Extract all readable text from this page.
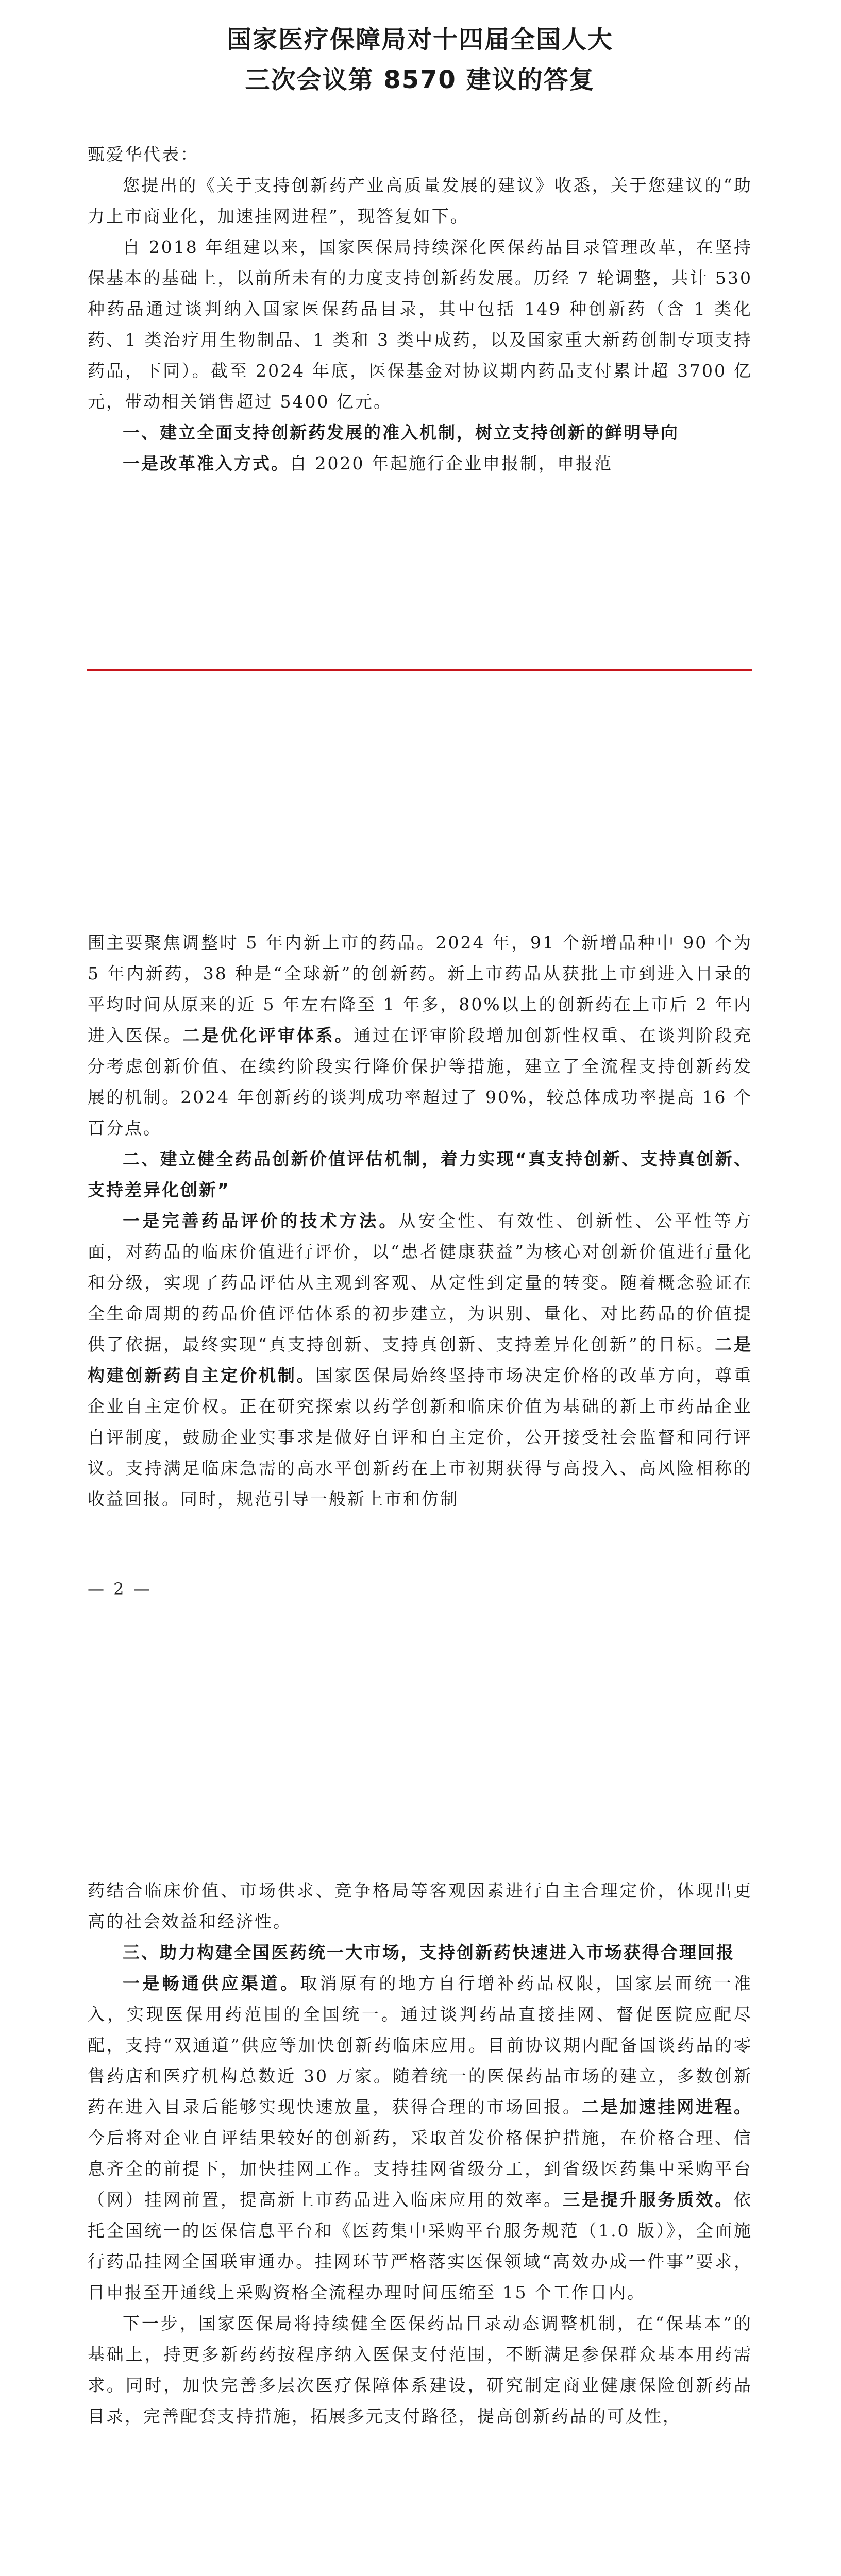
国家医疗保障局对十四届全国人大
三次会议第 8570 建议的答复

甄爱华代表：

您提出的《关于支持创新药产业高质量发展的建议》收悉，关于您建议的“助力上市商业化，加速挂网进程”，现答复如下。

自 2018 年组建以来，国家医保局持续深化医保药品目录管理改革，在坚持保基本的基础上，以前所未有的力度支持创新药发展。历经 7 轮调整，共计 530 种药品通过谈判纳入国家医保药品目录，其中包括 149 种创新药（含 1 类化药、1 类治疗用生物制品、1 类和 3 类中成药，以及国家重大新药创制专项支持药品，下同）。截至 2024 年底，医保基金对协议期内药品支付累计超 3700 亿元，带动相关销售超过 5400 亿元。

一、建立全面支持创新药发展的准入机制，树立支持创新的鲜明导向

一是改革准入方式。自 2020 年起施行企业申报制，申报范

围主要聚焦调整时 5 年内新上市的药品。2024 年，91 个新增品种中 90 个为 5 年内新药，38 种是“全球新”的创新药。新上市药品从获批上市到进入目录的平均时间从原来的近 5 年左右降至 1 年多，80%以上的创新药在上市后 2 年内进入医保。二是优化评审体系。通过在评审阶段增加创新性权重、在谈判阶段充分考虑创新价值、在续约阶段实行降价保护等措施，建立了全流程支持创新药发展的机制。2024 年创新药的谈判成功率超过了 90%，较总体成功率提高 16 个百分点。

二、建立健全药品创新价值评估机制，着力实现“真支持创新、支持真创新、支持差异化创新”

一是完善药品评价的技术方法。从安全性、有效性、创新性、公平性等方面，对药品的临床价值进行评价，以“患者健康获益”为核心对创新价值进行量化和分级，实现了药品评估从主观到客观、从定性到定量的转变。随着概念验证在全生命周期的药品价值评估体系的初步建立，为识别、量化、对比药品的价值提供了依据，最终实现“真支持创新、支持真创新、支持差异化创新”的目标。二是构建创新药自主定价机制。国家医保局始终坚持市场决定价格的改革方向，尊重企业自主定价权。正在研究探索以药学创新和临床价值为基础的新上市药品企业自评制度，鼓励企业实事求是做好自评和自主定价，公开接受社会监督和同行评议。支持满足临床急需的高水平创新药在上市初期获得与高投入、高风险相称的收益回报。同时，规范引导一般新上市和仿制

— 2 —

药结合临床价值、市场供求、竞争格局等客观因素进行自主合理定价，体现出更高的社会效益和经济性。

三、助力构建全国医药统一大市场，支持创新药快速进入市场获得合理回报

一是畅通供应渠道。取消原有的地方自行增补药品权限，国家层面统一准入，实现医保用药范围的全国统一。通过谈判药品直接挂网、督促医院应配尽配，支持“双通道”供应等加快创新药临床应用。目前协议期内配备国谈药品的零售药店和医疗机构总数近 30 万家。随着统一的医保药品市场的建立，多数创新药在进入目录后能够实现快速放量，获得合理的市场回报。二是加速挂网进程。今后将对企业自评结果较好的创新药，采取首发价格保护措施，在价格合理、信息齐全的前提下，加快挂网工作。支持挂网省级分工，到省级医药集中采购平台（网）挂网前置，提高新上市药品进入临床应用的效率。三是提升服务质效。依托全国统一的医保信息平台和《医药集中采购平台服务规范（1.0 版）》，全面施行药品挂网全国联审通办。挂网环节严格落实医保领域“高效办成一件事”要求，目申报至开通线上采购资格全流程办理时间压缩至 15 个工作日内。

下一步，国家医保局将持续健全医保药品目录动态调整机制，在“保基本”的基础上，持更多新药药按程序纳入医保支付范围，不断满足参保群众基本用药需求。同时，加快完善多层次医疗保障体系建设，研究制定商业健康保险创新药品目录，完善配套支持措施，拓展多元支付路径，提高创新药品的可及性，
